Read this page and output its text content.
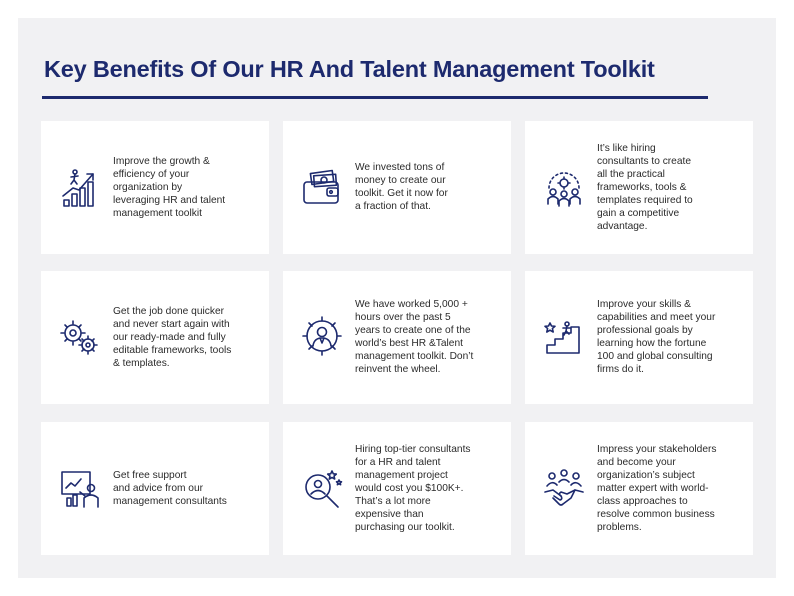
Key Benefits Of Our HR And Talent Management Toolkit
Improve the growth &
efficiency of your
organization by
leveraging HR and talent
management toolkit
We invested tons of
money to create our
toolkit. Get it now for
a fraction of that.
It’s like hiring
consultants to create
all the practical
frameworks, tools &
templates required to
gain a competitive
advantage.
Get the job done quicker
and never start again with
our ready-made and fully
editable frameworks, tools
& templates.
We have worked 5,000 +
hours over the past 5
years to create one of the
world’s best HR &Talent
management toolkit. Don’t
reinvent the wheel.
Improve your skills &
capabilities and meet your
professional goals by
learning how the fortune
100 and global consulting
firms do it.
Get free support
and advice from our
management consultants
Hiring top-tier consultants
for a HR and talent
management project
would cost you $100K+.
That’s a lot more
expensive than
purchasing our toolkit.
Impress your stakeholders
and become your
organization’s subject
matter expert with world-
class approaches to
resolve common business
problems.
